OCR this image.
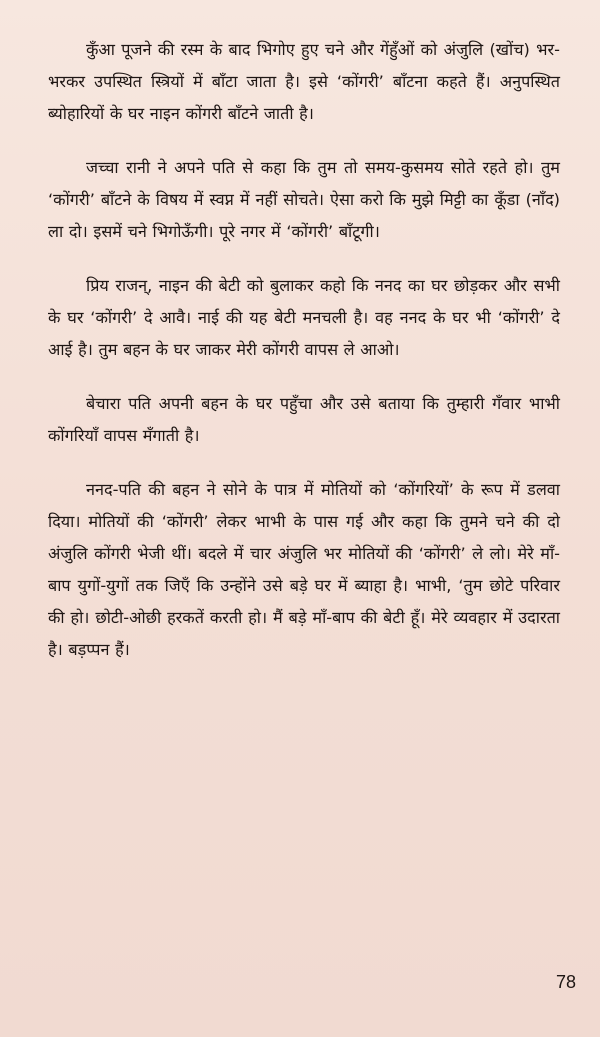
कुँआ पूजने की रस्म के बाद भिगोए हुए चने और गेंहुँओं को अंजुलि (खोंच) भर-भरकर उपस्थित स्त्रियों में बाँटा जाता है। इसे ‘कोंगरी’ बाँटना कहते हैं। अनुपस्थित ब्योहारियों के घर नाइन कोंगरी बाँटने जाती है।

जच्चा रानी ने अपने पति से कहा कि तुम तो समय-कुसमय सोते रहते हो। तुम ‘कोंगरी’ बाँटने के विषय में स्वप्न में नहीं सोचते। ऐसा करो कि मुझे मिट्टी का कूँडा (नाँद) ला दो। इसमें चने भिगोऊँगी। पूरे नगर में ‘कोंगरी’ बाँटूगी।

प्रिय राजन्, नाइन की बेटी को बुलाकर कहो कि ननद का घर छोड़कर और सभी के घर ‘कोंगरी’ दे आवै। नाई की यह बेटी मनचली है। वह ननद के घर भी ‘कोंगरी’ दे आई है। तुम बहन के घर जाकर मेरी कोंगरी वापस ले आओ।

बेचारा पति अपनी बहन के घर पहुँचा और उसे बताया कि तुम्हारी गँवार भाभी कोंगरियाँ वापस मँगाती है।

ननद-पति की बहन ने सोने के पात्र में मोतियों को ‘कोंगरियों’ के रूप में डलवा दिया। मोतियों की ‘कोंगरी’ लेकर भाभी के पास गई और कहा कि तुमने चने की दो अंजुलि कोंगरी भेजी थीं। बदले में चार अंजुलि भर मोतियों की ‘कोंगरी’ ले लो। मेरे माँ-बाप युगों-युगों तक जिएँ कि उन्होंने उसे बड़े घर में ब्याहा है। भाभी, ‘तुम छोटे परिवार की हो। छोटी-ओछी हरकतें करती हो। मैं बड़े माँ-बाप की बेटी हूँ। मेरे व्यवहार में उदारता है। बड़प्पन हैं।

78
